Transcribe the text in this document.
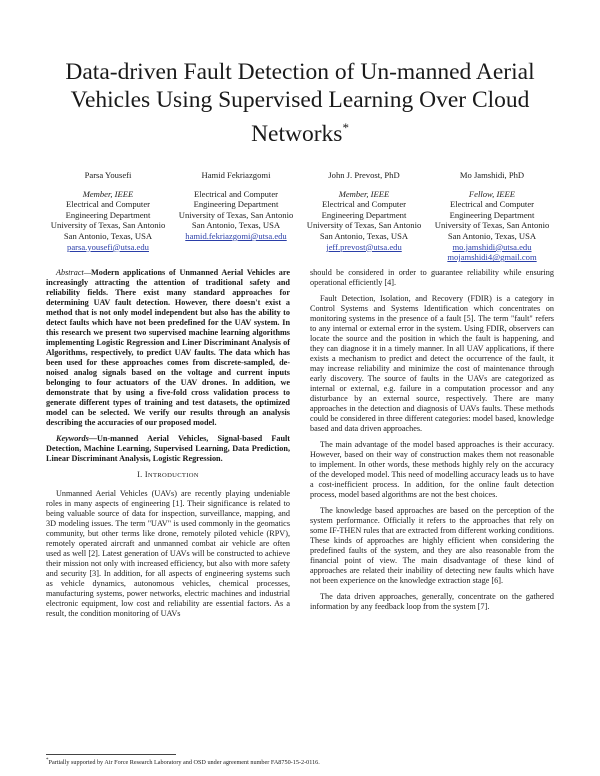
Data-driven Fault Detection of Un-manned Aerial Vehicles Using Supervised Learning Over Cloud Networks*
Parsa Yousefi
Member, IEEE
Electrical and Computer
Engineering Department
University of Texas, San Antonio
San Antonio, Texas, USA
parsa.yousefi@utsa.edu
Hamid Fekriazgomi
Electrical and Computer
Engineering Department
University of Texas, San Antonio
San Antonio, Texas, USA
hamid.fekriazgomi@utsa.edu
John J. Prevost, PhD
Member, IEEE
Electrical and Computer
Engineering Department
University of Texas, San Antonio
San Antonio, Texas, USA
jeff.prevost@utsa.edu
Mo Jamshidi, PhD
Fellow, IEEE
Electrical and Computer
Engineering Department
University of Texas, San Antonio
San Antonio, Texas, USA
mo.jamshidi@utsa.edu
mojamshidi4@gmail.com

Abstract—Modern applications of Unmanned Aerial Vehicles are increasingly attracting the attention of traditional safety and reliability fields. There exist many standard approaches for determining UAV fault detection. However, there doesn't exist a method that is not only model independent but also has the ability to detect faults which have not been predefined for the UAV system. In this research we present two supervised machine learning algorithms implementing Logistic Regression and Liner Discriminant Analysis of Algorithms, respectively, to predict UAV faults. The data which has been used for these approaches comes from discrete-sampled, de-noised analog signals based on the voltage and current inputs belonging to four actuators of the UAV drones. In addition, we demonstrate that by using a five-fold cross validation process to generate different types of training and test datasets, the optimized model can be selected. We verify our results through an analysis describing the accuracies of our proposed model.

Keywords—Un-manned Aerial Vehicles, Signal-based Fault Detection, Machine Learning, Supervised Learning, Data Prediction, Linear Discriminant Analysis, Logistic Regression.

I. INTRODUCTION

Unmanned Aerial Vehicles (UAVs) are recently playing undeniable roles in many aspects of engineering [1]. Their significance is related to being valuable source of data for inspection, surveillance, mapping, and 3D modeling issues. The term "UAV" is used commonly in the geomatics community, but other terms like drone, remotely piloted vehicle (RPV), remotely operated aircraft and unmanned combat air vehicle are often used as well [2]. Latest generation of UAVs will be constructed to achieve their mission not only with increased efficiency, but also with more safety and security [3]. In addition, for all aspects of engineering systems such as vehicle dynamics, autonomous vehicles, chemical processes, manufacturing systems, power networks, electric machines and industrial electronic equipment, low cost and reliability are essential factors. As a result, the condition monitoring of UAVs

should be considered in order to guarantee reliability while ensuring operational efficiently [4].

Fault Detection, Isolation, and Recovery (FDIR) is a category in Control Systems and Systems Identification which concentrates on monitoring systems in the presence of a fault [5]. The term "fault" refers to any internal or external error in the system. Using FDIR, observers can locate the source and the position in which the fault is happening, and they can diagnose it in a timely manner. In all UAV applications, if there exists a mechanism to predict and detect the occurrence of the fault, it may increase reliability and minimize the cost of maintenance through early discovery. The source of faults in the UAVs are categorized as internal or external, e.g. failure in a computation processor and any disturbance by an external source, respectively. There are many approaches in the detection and diagnosis of UAVs faults. These methods could be considered in three different categories: model based, knowledge based and data driven approaches.

The main advantage of the model based approaches is their accuracy. However, based on their way of construction makes them not reasonable to implement. In other words, these methods highly rely on the accuracy of the developed model. This need of modelling accuracy leads us to have a cost-inefficient process. In addition, for the online fault detection process, model based algorithms are not the best choices.

The knowledge based approaches are based on the perception of the system performance. Officially it refers to the approaches that rely on some IF-THEN rules that are extracted from different working conditions. These kinds of approaches are highly efficient when considering the predefined faults of the system, and they are also reasonable from the financial point of view. The main disadvantage of these kind of approaches are related their inability of detecting new faults which have not been experience on the knowledge extraction stage [6].

The data driven approaches, generally, concentrate on the gathered information by any feedback loop from the system [7].

*Partially supported by Air Force Research Laboratory and OSD under agreement number FA8750-15-2-0116.
